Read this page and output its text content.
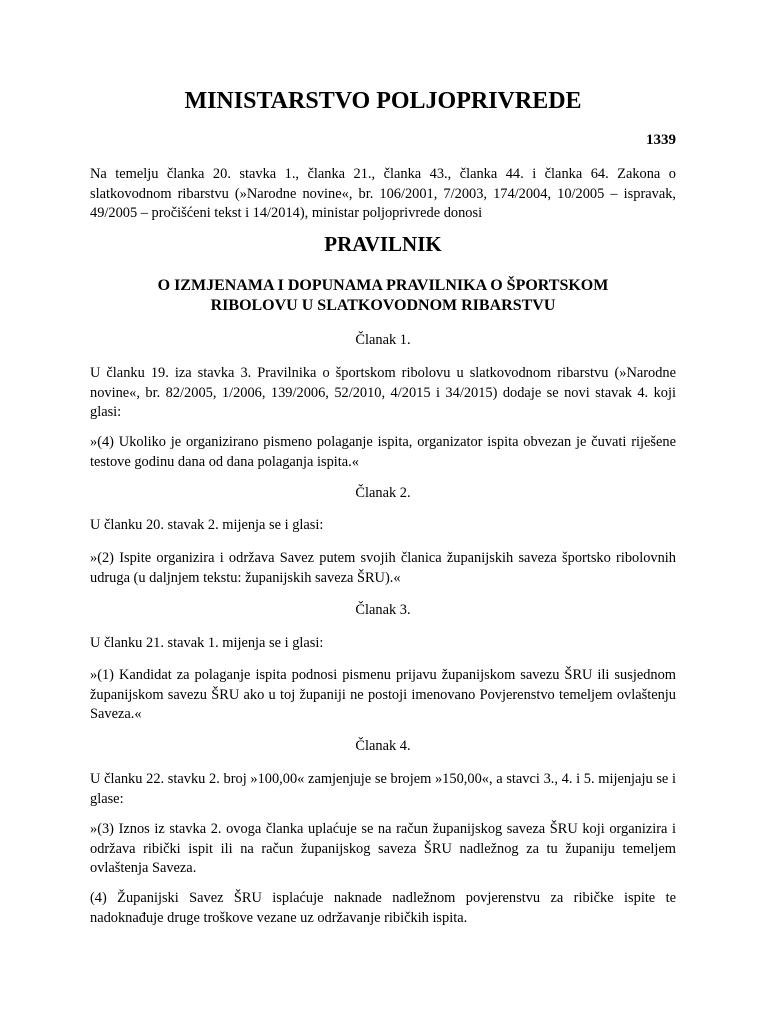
MINISTARSTVO POLJOPRIVREDE
1339

Na temelju članka 20. stavka 1., članka 21., članka 43., članka 44. i članka 64. Zakona o slatkovodnom ribarstvu (»Narodne novine«, br. 106/2001, 7/2003, 174/2004, 10/2005 – ispravak, 49/2005 – pročišćeni tekst i 14/2014), ministar poljoprivrede donosi

PRAVILNIK
O IZMJENAMA I DOPUNAMA PRAVILNIKA O ŠPORTSKOM
RIBOLOVU U SLATKOVODNOM RIBARSTVU
Članak 1.

U članku 19. iza stavka 3. Pravilnika o športskom ribolovu u slatkovodnom ribarstvu (»Narodne novine«, br. 82/2005, 1/2006, 139/2006, 52/2010, 4/2015 i 34/2015) dodaje se novi stavak 4. koji glasi:

»(4) Ukoliko je organizirano pismeno polaganje ispita, organizator ispita obvezan je čuvati riješene testove godinu dana od dana polaganja ispita.«

Članak 2.

U članku 20. stavak 2. mijenja se i glasi:

»(2) Ispite organizira i održava Savez putem svojih članica županijskih saveza športsko ribolovnih udruga (u daljnjem tekstu: županijskih saveza ŠRU).«

Članak 3.

U članku 21. stavak 1. mijenja se i glasi:

»(1) Kandidat za polaganje ispita podnosi pismenu prijavu županijskom savezu ŠRU ili susjednom županijskom savezu ŠRU ako u toj županiji ne postoji imenovano Povjerenstvo temeljem ovlaštenju Saveza.«

Članak 4.

U članku 22. stavku 2. broj »100,00« zamjenjuje se brojem »150,00«, a stavci 3., 4. i 5. mijenjaju se i glase:

»(3) Iznos iz stavka 2. ovoga članka uplaćuje se na račun županijskog saveza ŠRU koji organizira i održava ribički ispit ili na račun županijskog saveza ŠRU nadležnog za tu županiju temeljem ovlaštenja Saveza.

(4) Županijski Savez ŠRU isplaćuje naknade nadležnom povjerenstvu za ribičke ispite te nadoknađuje druge troškove vezane uz održavanje ribičkih ispita.
